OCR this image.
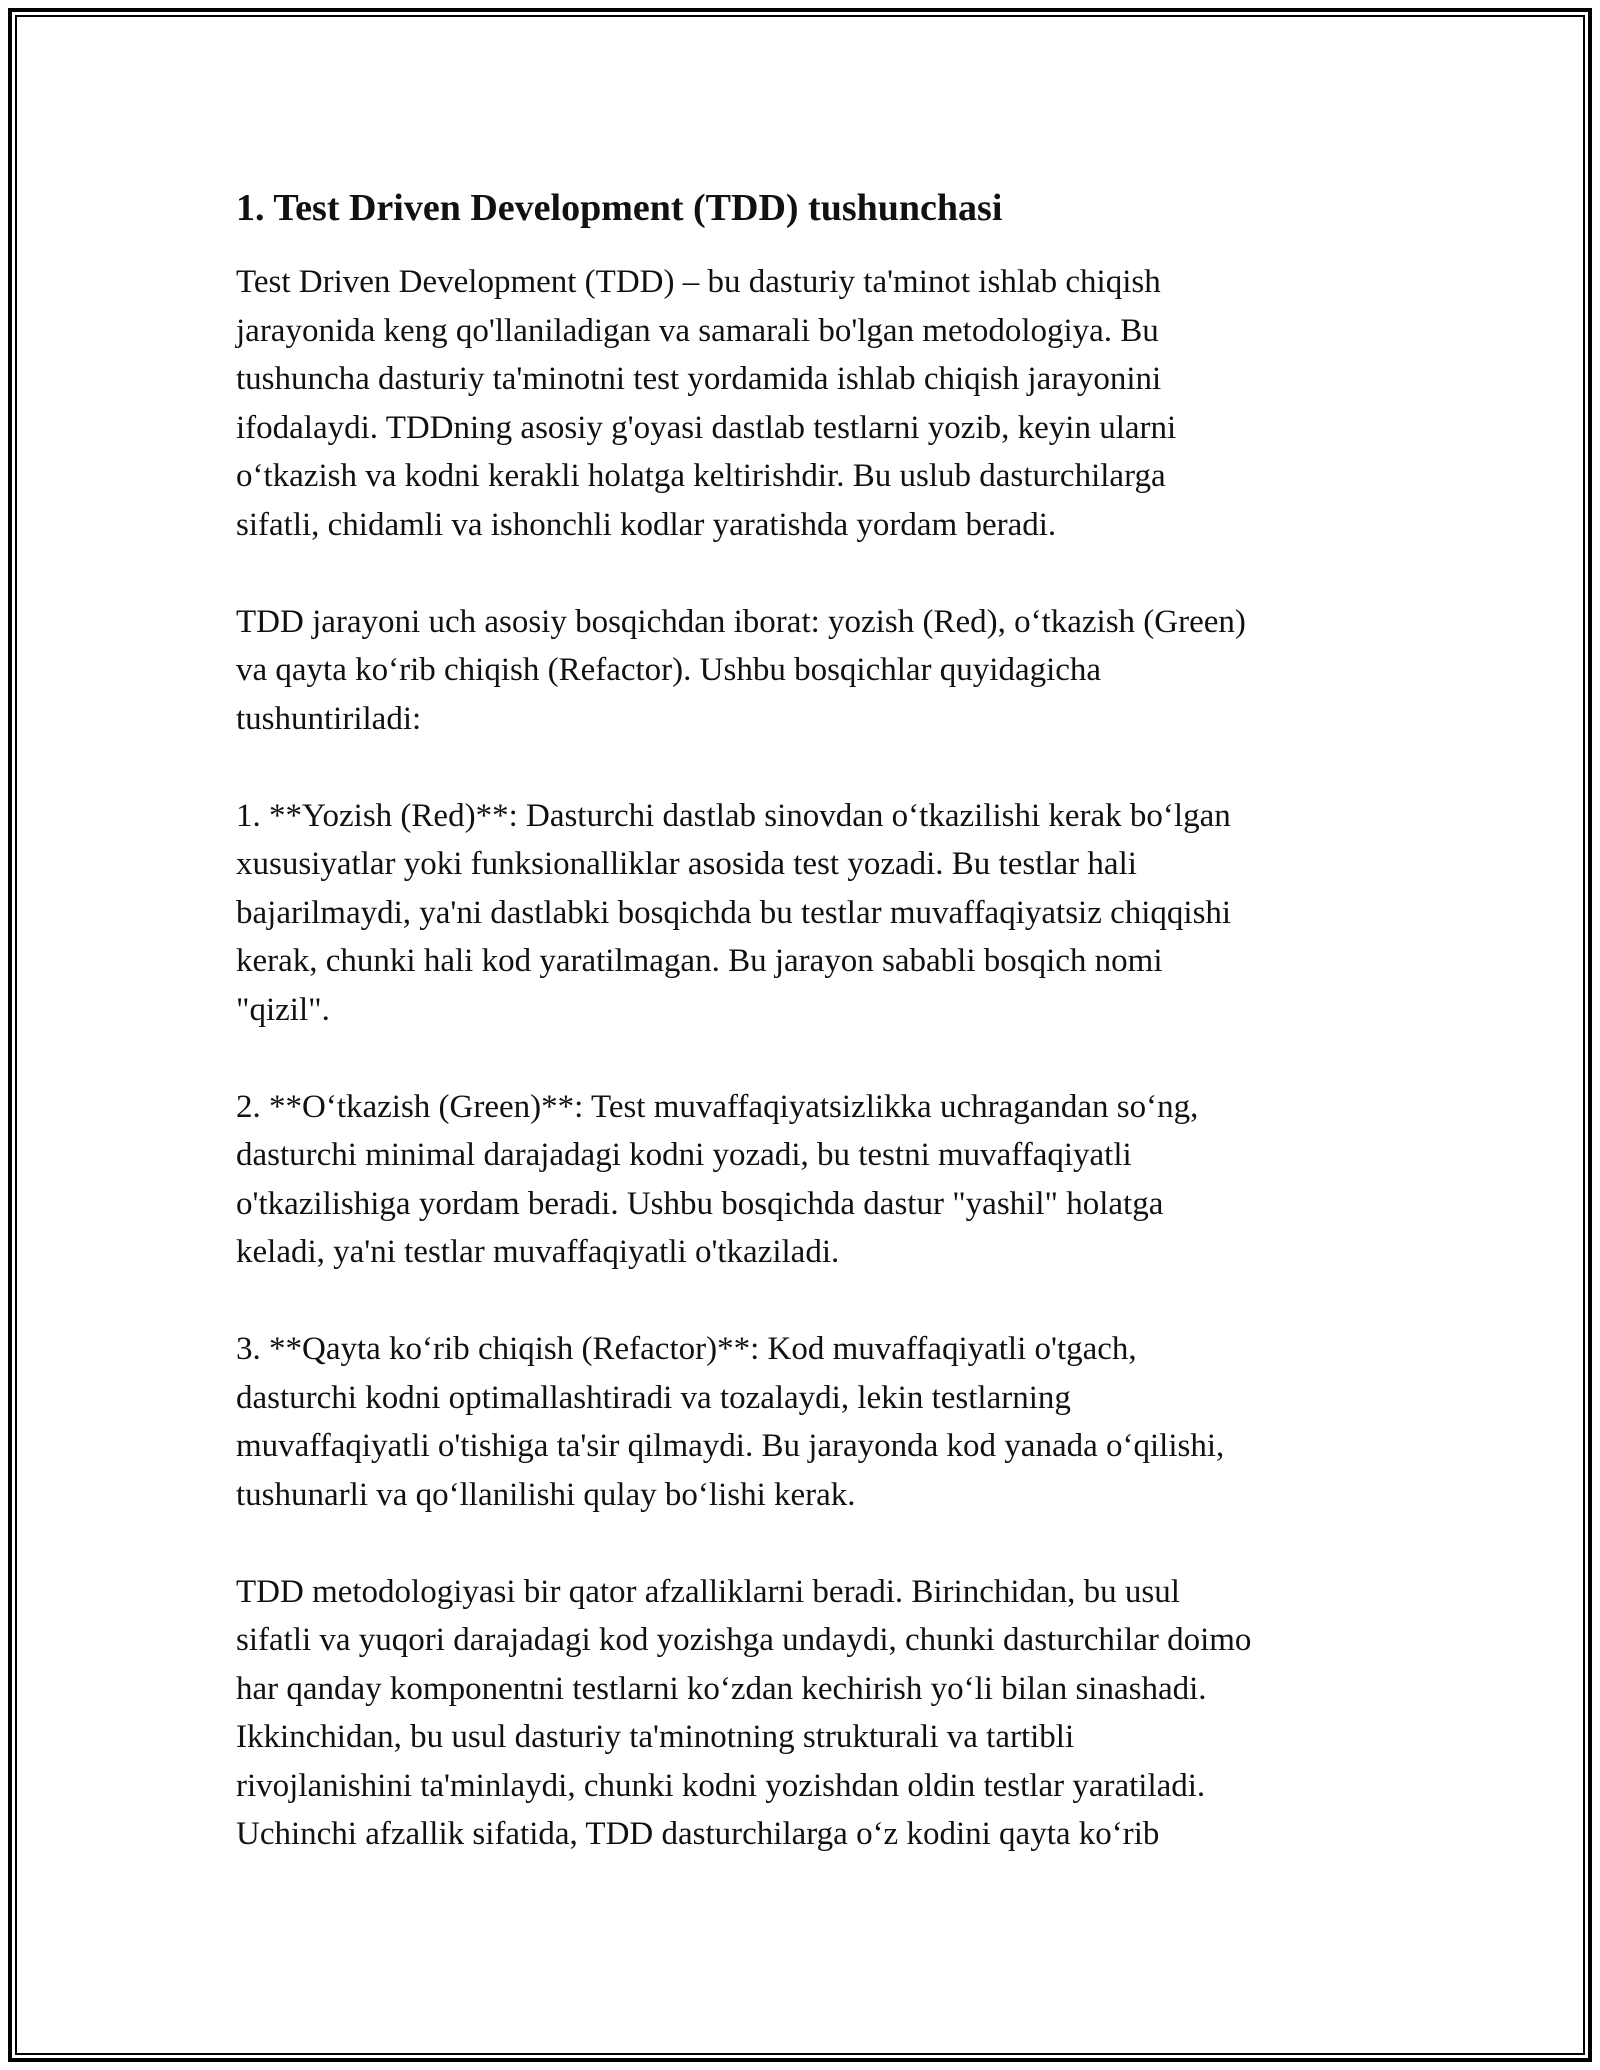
1. Test Driven Development (TDD) tushunchasi

Test Driven Development (TDD) – bu dasturiy ta'minot ishlab chiqish
jarayonida keng qo'llaniladigan va samarali bo'lgan metodologiya. Bu
tushuncha dasturiy ta'minotni test yordamida ishlab chiqish jarayonini
ifodalaydi. TDDning asosiy g'oyasi dastlab testlarni yozib, keyin ularni
o‘tkazish va kodni kerakli holatga keltirishdir. Bu uslub dasturchilarga
sifatli, chidamli va ishonchli kodlar yaratishda yordam beradi.

TDD jarayoni uch asosiy bosqichdan iborat: yozish (Red), o‘tkazish (Green)
va qayta ko‘rib chiqish (Refactor). Ushbu bosqichlar quyidagicha
tushuntiriladi:

1. **Yozish (Red)**: Dasturchi dastlab sinovdan o‘tkazilishi kerak bo‘lgan
xususiyatlar yoki funksionalliklar asosida test yozadi. Bu testlar hali
bajarilmaydi, ya'ni dastlabki bosqichda bu testlar muvaffaqiyatsiz chiqqishi
kerak, chunki hali kod yaratilmagan. Bu jarayon sababli bosqich nomi
"qizil".

2. **O‘tkazish (Green)**: Test muvaffaqiyatsizlikka uchragandan so‘ng,
dasturchi minimal darajadagi kodni yozadi, bu testni muvaffaqiyatli
o'tkazilishiga yordam beradi. Ushbu bosqichda dastur "yashil" holatga
keladi, ya'ni testlar muvaffaqiyatli o'tkaziladi.

3. **Qayta ko‘rib chiqish (Refactor)**: Kod muvaffaqiyatli o'tgach,
dasturchi kodni optimallashtiradi va tozalaydi, lekin testlarning
muvaffaqiyatli o'tishiga ta'sir qilmaydi. Bu jarayonda kod yanada o‘qilishi,
tushunarli va qo‘llanilishi qulay bo‘lishi kerak.

TDD metodologiyasi bir qator afzalliklarni beradi. Birinchidan, bu usul
sifatli va yuqori darajadagi kod yozishga undaydi, chunki dasturchilar doimo
har qanday komponentni testlarni ko‘zdan kechirish yo‘li bilan sinashadi.
Ikkinchidan, bu usul dasturiy ta'minotning strukturali va tartibli
rivojlanishini ta'minlaydi, chunki kodni yozishdan oldin testlar yaratiladi.
Uchinchi afzallik sifatida, TDD dasturchilarga o‘z kodini qayta ko‘rib
